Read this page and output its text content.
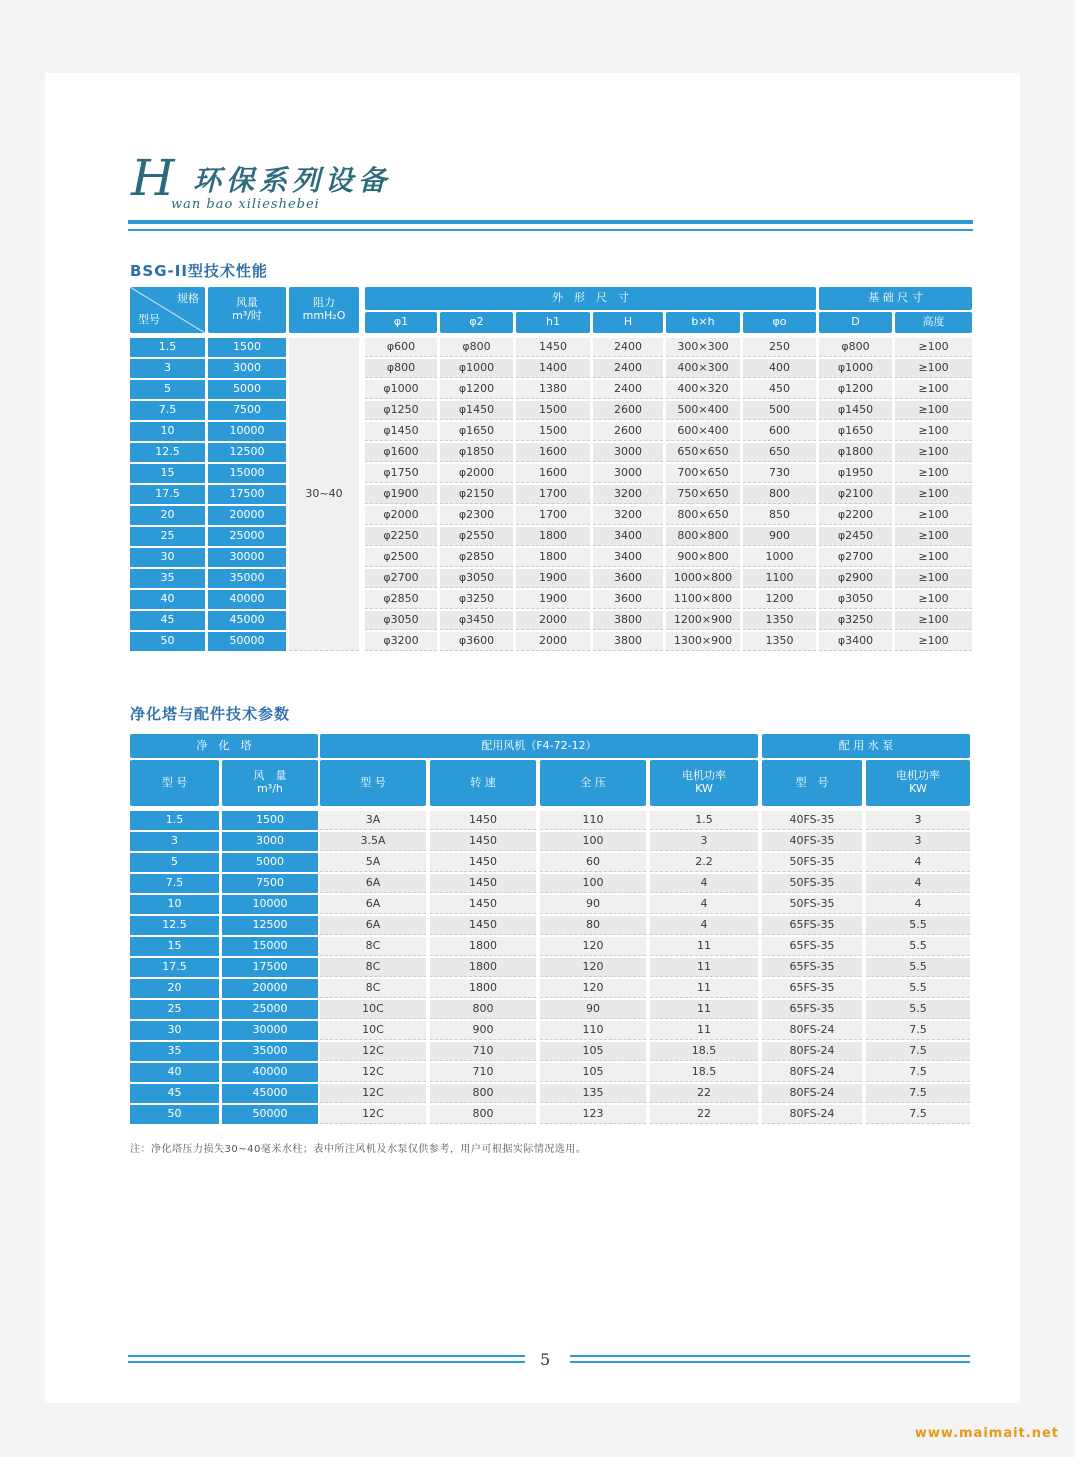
H 环保系列设备
wan bao xilieshebei
BSG-II型技术性能
规格
型号
风量
m³/时
阻力
mmH₂O
外　形　尺　寸	基 础 尺 寸
φ1	φ2	h1	H	b×h	φo	D	高度
30~40
1.5	1500	φ600	φ800	1450	2400	300×300	250	φ800	≥100
3	3000	φ800	φ1000	1400	2400	400×300	400	φ1000	≥100
5	5000	φ1000	φ1200	1380	2400	400×320	450	φ1200	≥100
7.5	7500	φ1250	φ1450	1500	2600	500×400	500	φ1450	≥100
10	10000	φ1450	φ1650	1500	2600	600×400	600	φ1650	≥100
12.5	12500	φ1600	φ1850	1600	3000	650×650	650	φ1800	≥100
15	15000	φ1750	φ2000	1600	3000	700×650	730	φ1950	≥100
17.5	17500	φ1900	φ2150	1700	3200	750×650	800	φ2100	≥100
20	20000	φ2000	φ2300	1700	3200	800×650	850	φ2200	≥100
25	25000	φ2250	φ2550	1800	3400	800×800	900	φ2450	≥100
30	30000	φ2500	φ2850	1800	3400	900×800	1000	φ2700	≥100
35	35000	φ2700	φ3050	1900	3600	1000×800	1100	φ2900	≥100
40	40000	φ2850	φ3250	1900	3600	1100×800	1200	φ3050	≥100
45	45000	φ3050	φ3450	2000	3800	1200×900	1350	φ3250	≥100
50	50000	φ3200	φ3600	2000	3800	1300×900	1350	φ3400	≥100
净化塔与配件技术参数
净　化　塔	配用风机（F4-72-12）	配 用 水 泵
型 号	风　量
m³/h	型 号	转 速	全 压	电机功率
KW	型　号	电机功率
KW
1.5	1500	3A	1450	110	1.5	40FS-35	3
3	3000	3.5A	1450	100	3	40FS-35	3
5	5000	5A	1450	60	2.2	50FS-35	4
7.5	7500	6A	1450	100	4	50FS-35	4
10	10000	6A	1450	90	4	50FS-35	4
12.5	12500	6A	1450	80	4	65FS-35	5.5
15	15000	8C	1800	120	11	65FS-35	5.5
17.5	17500	8C	1800	120	11	65FS-35	5.5
20	20000	8C	1800	120	11	65FS-35	5.5
25	25000	10C	800	90	11	65FS-35	5.5
30	30000	10C	900	110	11	80FS-24	7.5
35	35000	12C	710	105	18.5	80FS-24	7.5
40	40000	12C	710	105	18.5	80FS-24	7.5
45	45000	12C	800	135	22	80FS-24	7.5
50	50000	12C	800	123	22	80FS-24	7.5
注：净化塔压力损失30~40毫米水柱；表中所注风机及水泵仅供参考，用户可根据实际情况选用。
5
www.maimait.net
